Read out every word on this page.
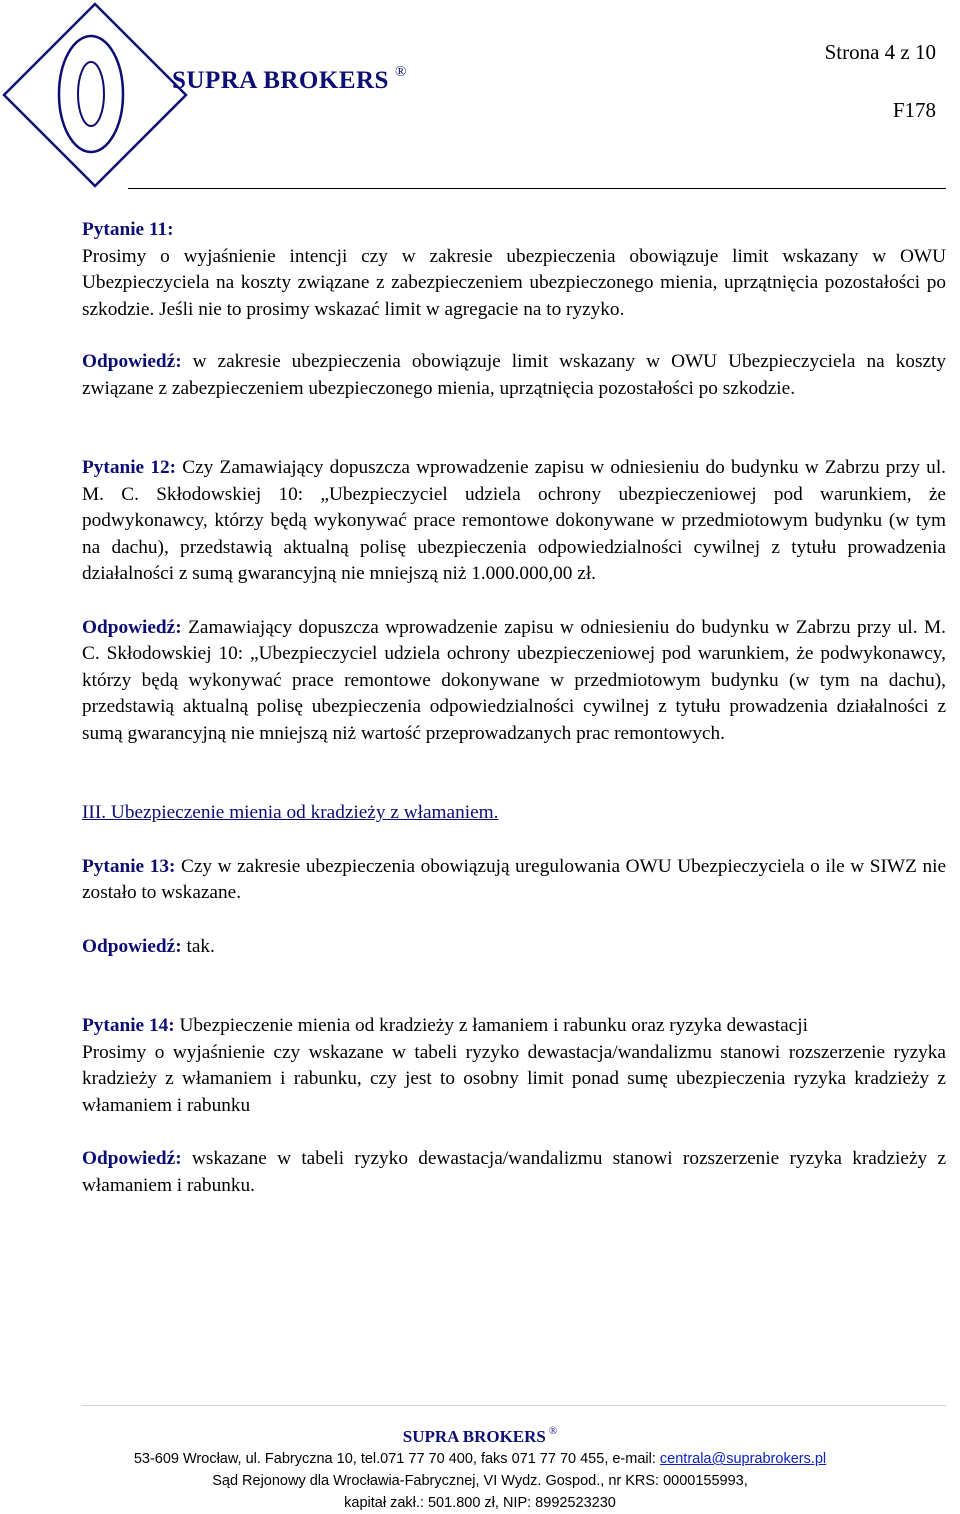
SUPRA BROKERS ®
Strona 4 z 10
F178

Pytanie 11:
Prosimy o wyjaśnienie intencji czy w zakresie ubezpieczenia obowiązuje limit wskazany w OWU Ubezpieczyciela na koszty związane z zabezpieczeniem ubezpieczonego mienia, uprzątnięcia pozostałości po szkodzie. Jeśli nie to prosimy wskazać limit w agregacie na to ryzyko.

Odpowiedź: w zakresie ubezpieczenia obowiązuje limit wskazany w OWU Ubezpieczyciela na koszty związane z zabezpieczeniem ubezpieczonego mienia, uprzątnięcia pozostałości po szkodzie.

Pytanie 12: Czy Zamawiający dopuszcza wprowadzenie zapisu w odniesieniu do budynku w Zabrzu przy ul. M. C. Skłodowskiej 10: „Ubezpieczyciel udziela ochrony ubezpieczeniowej pod warunkiem, że podwykonawcy, którzy będą wykonywać prace remontowe dokonywane w przedmiotowym budynku (w tym na dachu), przedstawią aktualną polisę ubezpieczenia odpowiedzialności cywilnej z tytułu prowadzenia działalności z sumą gwarancyjną nie mniejszą niż 1.000.000,00 zł.

Odpowiedź: Zamawiający dopuszcza wprowadzenie zapisu w odniesieniu do budynku w Zabrzu przy ul. M. C. Skłodowskiej 10: „Ubezpieczyciel udziela ochrony ubezpieczeniowej pod warunkiem, że podwykonawcy, którzy będą wykonywać prace remontowe dokonywane w przedmiotowym budynku (w tym na dachu), przedstawią aktualną polisę ubezpieczenia odpowiedzialności cywilnej z tytułu prowadzenia działalności z sumą gwarancyjną nie mniejszą niż wartość przeprowadzanych prac remontowych.

III. Ubezpieczenie mienia od kradzieży z włamaniem.

Pytanie 13: Czy w zakresie ubezpieczenia obowiązują uregulowania OWU Ubezpieczyciela o ile w SIWZ nie zostało to wskazane.

Odpowiedź: tak.

Pytanie 14: Ubezpieczenie mienia od kradzieży z łamaniem i rabunku oraz ryzyka dewastacji

Prosimy o wyjaśnienie czy wskazane w tabeli ryzyko dewastacja/wandalizmu stanowi rozszerzenie ryzyka kradzieży z włamaniem i rabunku, czy jest to osobny limit ponad sumę ubezpieczenia ryzyka kradzieży z włamaniem i rabunku

Odpowiedź: wskazane w tabeli ryzyko dewastacja/wandalizmu stanowi rozszerzenie ryzyka kradzieży z włamaniem i rabunku.

SUPRA BROKERS ®
53-609 Wrocław, ul. Fabryczna 10, tel.071 77 70 400, faks 071 77 70 455, e-mail: centrala@suprabrokers.pl
Sąd Rejonowy dla Wrocławia-Fabrycznej, VI Wydz. Gospod., nr KRS: 0000155993,
kapitał zakł.: 501.800 zł, NIP: 8992523230
